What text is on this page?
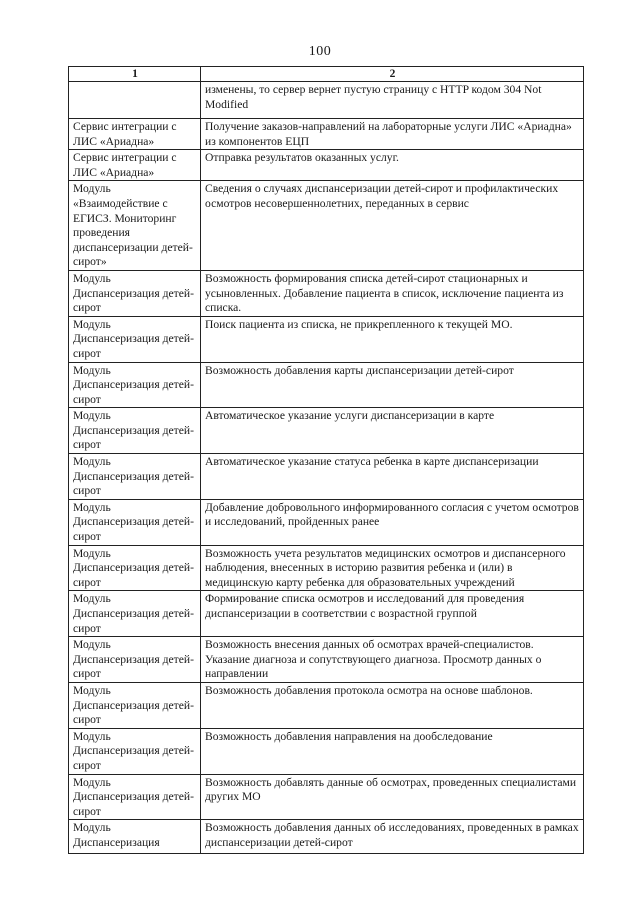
100
1	2
	изменены, то сервер вернет пустую страницу с HTTP кодом 304 Not Modified
Сервис интеграции с ЛИС «Ариадна»	Получение заказов-направлений на лабораторные услуги ЛИС «Ариадна» из компонентов ЕЦП
Сервис интеграции с ЛИС «Ариадна»	Отправка результатов оказанных услуг.
Модуль «Взаимодействие с ЕГИСЗ. Мониторинг проведения диспансеризации детей-сирот»	Сведения о случаях диспансеризации детей-сирот и профилактических осмотров несовершеннолетних, переданных в сервис
Модуль Диспансеризация детей-сирот	Возможность формирования списка детей-сирот стационарных и усыновленных. Добавление пациента в список, исключение пациента из списка.
Модуль Диспансеризация детей-сирот	Поиск пациента из списка, не прикрепленного к текущей МО.
Модуль Диспансеризация детей-сирот	Возможность добавления карты диспансеризации детей-сирот
Модуль Диспансеризация детей-сирот	Автоматическое указание услуги диспансеризации в карте
Модуль Диспансеризация детей-сирот	Автоматическое указание статуса ребенка в карте диспансеризации
Модуль Диспансеризация детей-сирот	Добавление добровольного информированного согласия с учетом осмотров и исследований, пройденных ранее
Модуль Диспансеризация детей-сирот	Возможность учета результатов медицинских осмотров и диспансерного наблюдения, внесенных в историю развития ребенка и (или) в медицинскую карту ребенка для образовательных учреждений
Модуль Диспансеризация детей-сирот	Формирование списка осмотров и исследований для проведения диспансеризации в соответствии с возрастной группой
Модуль Диспансеризация детей-сирот	Возможность внесения данных об осмотрах врачей-специалистов. Указание диагноза и сопутствующего диагноза. Просмотр данных о направлении
Модуль Диспансеризация детей-сирот	Возможность добавления протокола осмотра на основе шаблонов.
Модуль Диспансеризация детей-сирот	Возможность добавления направления на дообследование
Модуль Диспансеризация детей-сирот	Возможность добавлять данные об осмотрах, проведенных специалистами других МО
Модуль Диспансеризация	Возможность добавления данных об исследованиях, проведенных в рамках диспансеризации детей-сирот
